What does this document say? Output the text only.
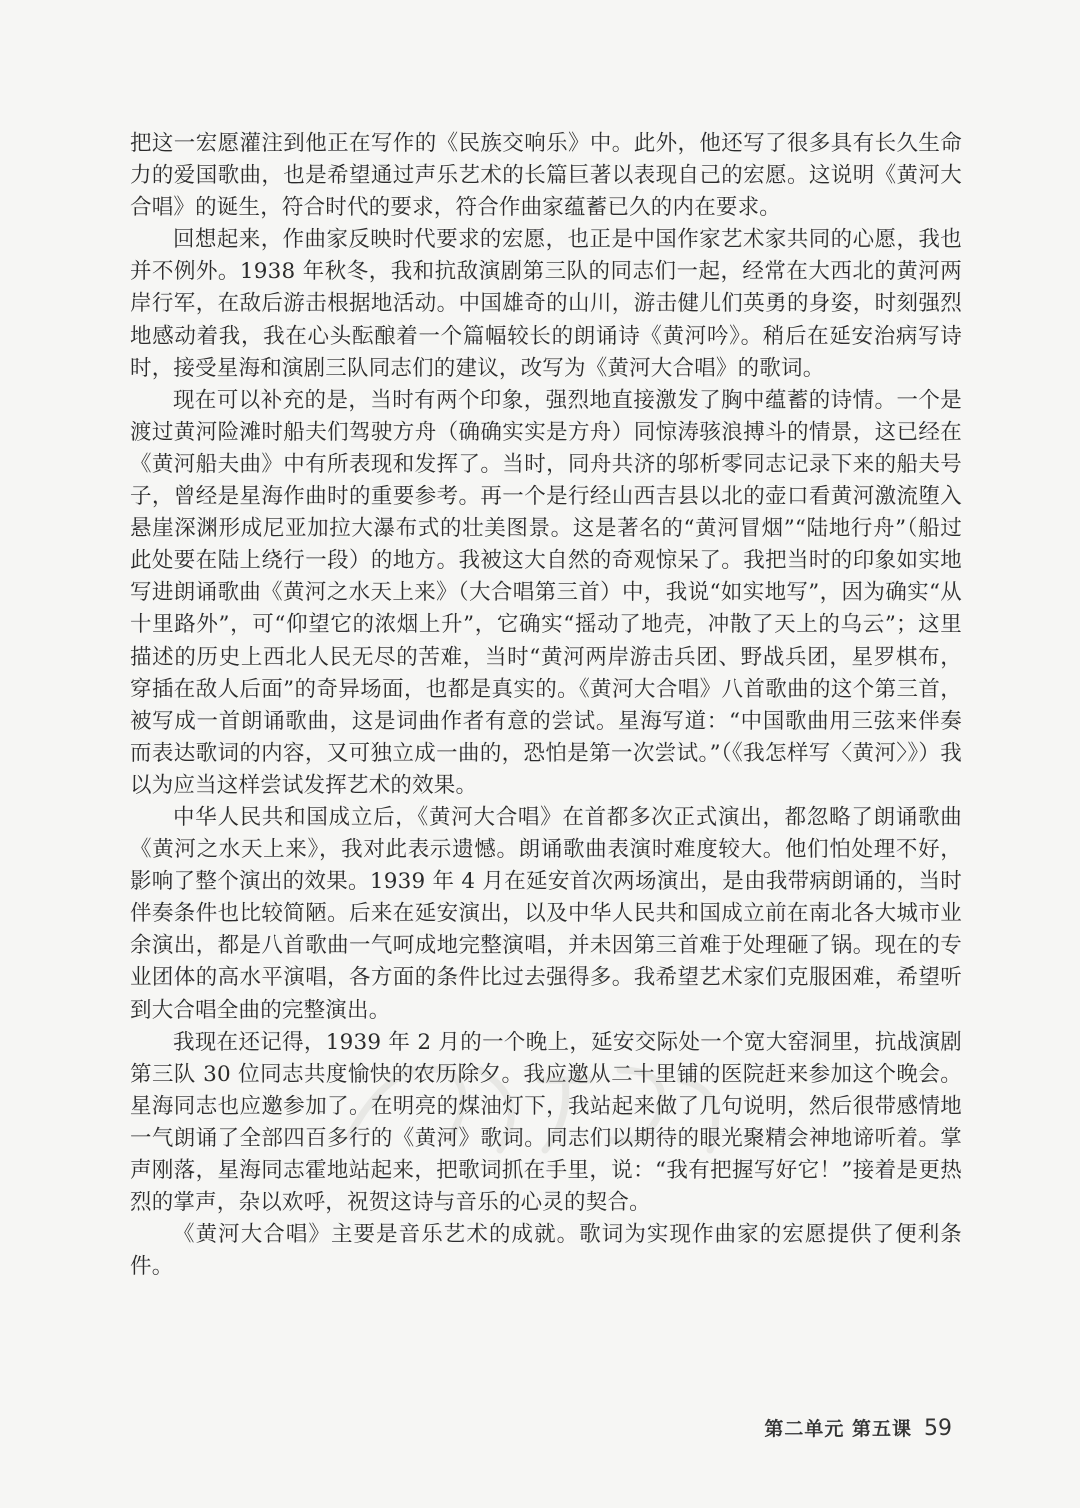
把这一宏愿灌注到他正在写作的《民族交响乐》中。此外，他还写了很多具有长久生命力的爱国歌曲，也是希望通过声乐艺术的长篇巨著以表现自己的宏愿。这说明《黄河大合唱》的诞生，符合时代的要求，符合作曲家蕴蓄已久的内在要求。

回想起来，作曲家反映时代要求的宏愿，也正是中国作家艺术家共同的心愿，我也并不例外。1938 年秋冬，我和抗敌演剧第三队的同志们一起，经常在大西北的黄河两岸行军，在敌后游击根据地活动。中国雄奇的山川，游击健儿们英勇的身姿，时刻强烈地感动着我，我在心头酝酿着一个篇幅较长的朗诵诗《黄河吟》。稍后在延安治病写诗时，接受星海和演剧三队同志们的建议，改写为《黄河大合唱》的歌词。

现在可以补充的是，当时有两个印象，强烈地直接激发了胸中蕴蓄的诗情。一个是渡过黄河险滩时船夫们驾驶方舟（确确实实是方舟）同惊涛骇浪搏斗的情景，这已经在《黄河船夫曲》中有所表现和发挥了。当时，同舟共济的邬析零同志记录下来的船夫号子，曾经是星海作曲时的重要参考。再一个是行经山西吉县以北的壶口看黄河激流堕入悬崖深渊形成尼亚加拉大瀑布式的壮美图景。这是著名的“黄河冒烟”“陆地行舟”（船过此处要在陆上绕行一段）的地方。我被这大自然的奇观惊呆了。我把当时的印象如实地写进朗诵歌曲《黄河之水天上来》（大合唱第三首）中，我说“如实地写”，因为确实“从十里路外”，可“仰望它的浓烟上升”，它确实“摇动了地壳，冲散了天上的乌云”；这里描述的历史上西北人民无尽的苦难，当时“黄河两岸游击兵团、野战兵团，星罗棋布，穿插在敌人后面”的奇异场面，也都是真实的。《黄河大合唱》八首歌曲的这个第三首，被写成一首朗诵歌曲，这是词曲作者有意的尝试。星海写道：“中国歌曲用三弦来伴奏而表达歌词的内容，又可独立成一曲的，恐怕是第一次尝试。”（《我怎样写〈黄河〉》）我以为应当这样尝试发挥艺术的效果。

中华人民共和国成立后，《黄河大合唱》在首都多次正式演出，都忽略了朗诵歌曲《黄河之水天上来》，我对此表示遗憾。朗诵歌曲表演时难度较大。他们怕处理不好，影响了整个演出的效果。1939 年 4 月在延安首次两场演出，是由我带病朗诵的，当时伴奏条件也比较简陋。后来在延安演出，以及中华人民共和国成立前在南北各大城市业余演出，都是八首歌曲一气呵成地完整演唱，并未因第三首难于处理砸了锅。现在的专业团体的高水平演唱，各方面的条件比过去强得多。我希望艺术家们克服困难，希望听到大合唱全曲的完整演出。

我现在还记得，1939 年 2 月的一个晚上，延安交际处一个宽大窑洞里，抗战演剧第三队 30 位同志共度愉快的农历除夕。我应邀从二十里铺的医院赶来参加这个晚会。星海同志也应邀参加了。在明亮的煤油灯下，我站起来做了几句说明，然后很带感情地一气朗诵了全部四百多行的《黄河》歌词。同志们以期待的眼光聚精会神地谛听着。掌声刚落，星海同志霍地站起来，把歌词抓在手里，说：“我有把握写好它！”接着是更热烈的掌声，杂以欢呼，祝贺这诗与音乐的心灵的契合。

《黄河大合唱》主要是音乐艺术的成就。歌词为实现作曲家的宏愿提供了便利条件。

第二单元 第五课 59
